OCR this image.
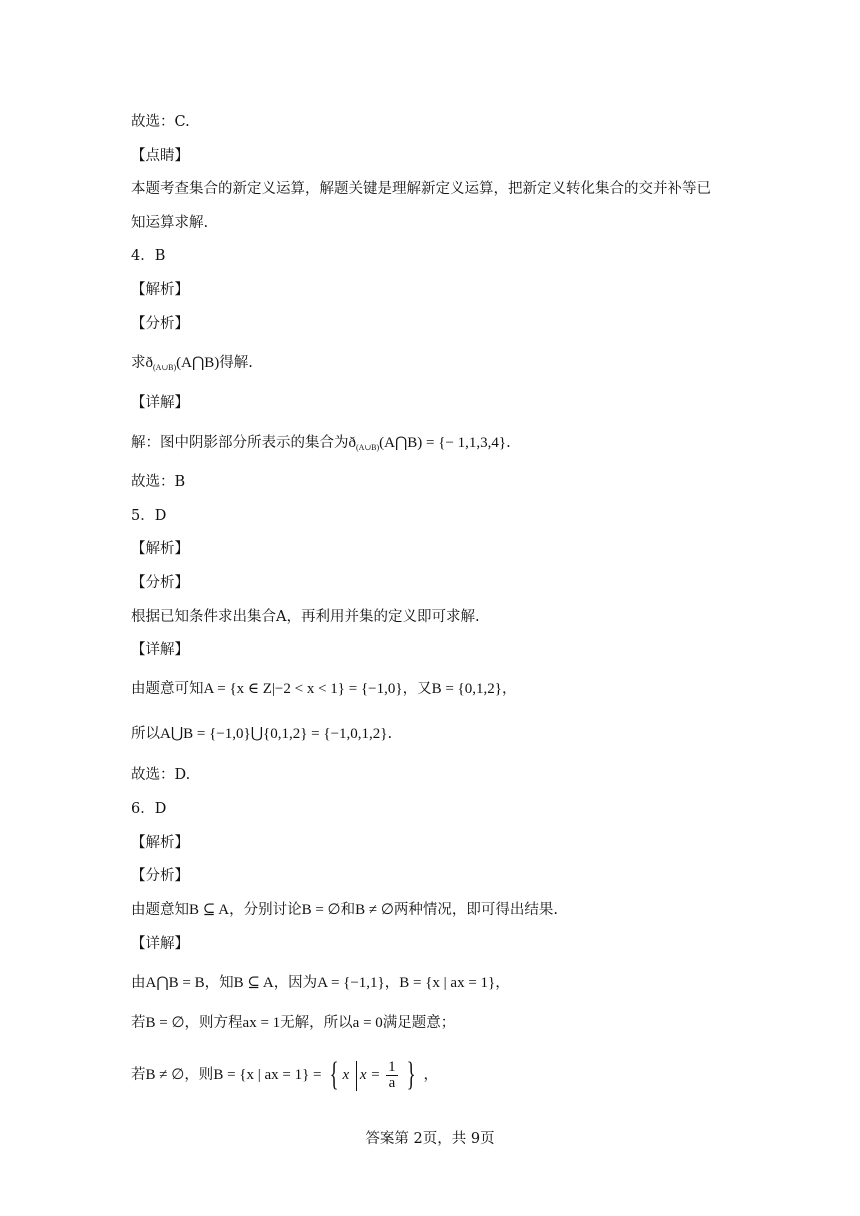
故选：C.
【点睛】
本题考查集合的新定义运算，解题关键是理解新定义运算，把新定义转化集合的交并补等已
知运算求解.
4．B
【解析】
【分析】
求$ð_{(A\cup B)}(A⋂B)$得解.
【详解】
解：图中阴影部分所表示的集合为$ð_{(A\cup B)}(A⋂B)$ = {− 1,1,3,4}.
故选：B
5．D
【解析】
【分析】
根据已知条件求出集合A，再利用并集的定义即可求解.
【详解】
由题意可知A = {x ∈ Z|−2 < x < 1} = {−1,0}，又B = {0,1,2}，
所以A⋃B = {−1,0}⋃{0,1,2} = {−1,0,1,2}.
故选：D.
6．D
【解析】
【分析】
由题意知B ⊆ A，分别讨论B = ∅和B ≠ ∅两种情况，即可得出结果.
【详解】
由A⋂B = B，知B ⊆ A，因为A = {−1,1}，B = {x | ax = 1}，
若B = ∅，则方程ax = 1无解，所以a = 0满足题意；
若B ≠ ∅，则B = {x | ax = 1} = { x $x = \frac{1}{a}$ } ，
答案第 2页，共 9页
